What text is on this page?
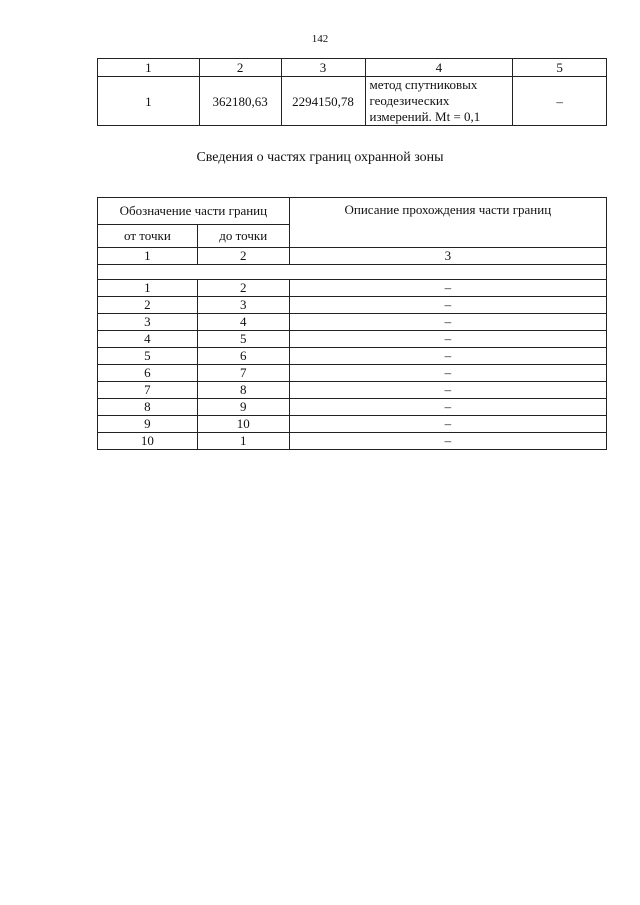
142
1	2	3	4	5
1	362180,63	2294150,78	метод спутниковых
геодезических
измерений. Mt = 0,1	–
Сведения о частях границ охранной зоны
Обозначение части границ		Описание прохождения части границ
от точки	до точки	
1	2	3

1	2	–
2	3	–
3	4	–
4	5	–
5	6	–
6	7	–
7	8	–
8	9	–
9	10	–
10	1	–
